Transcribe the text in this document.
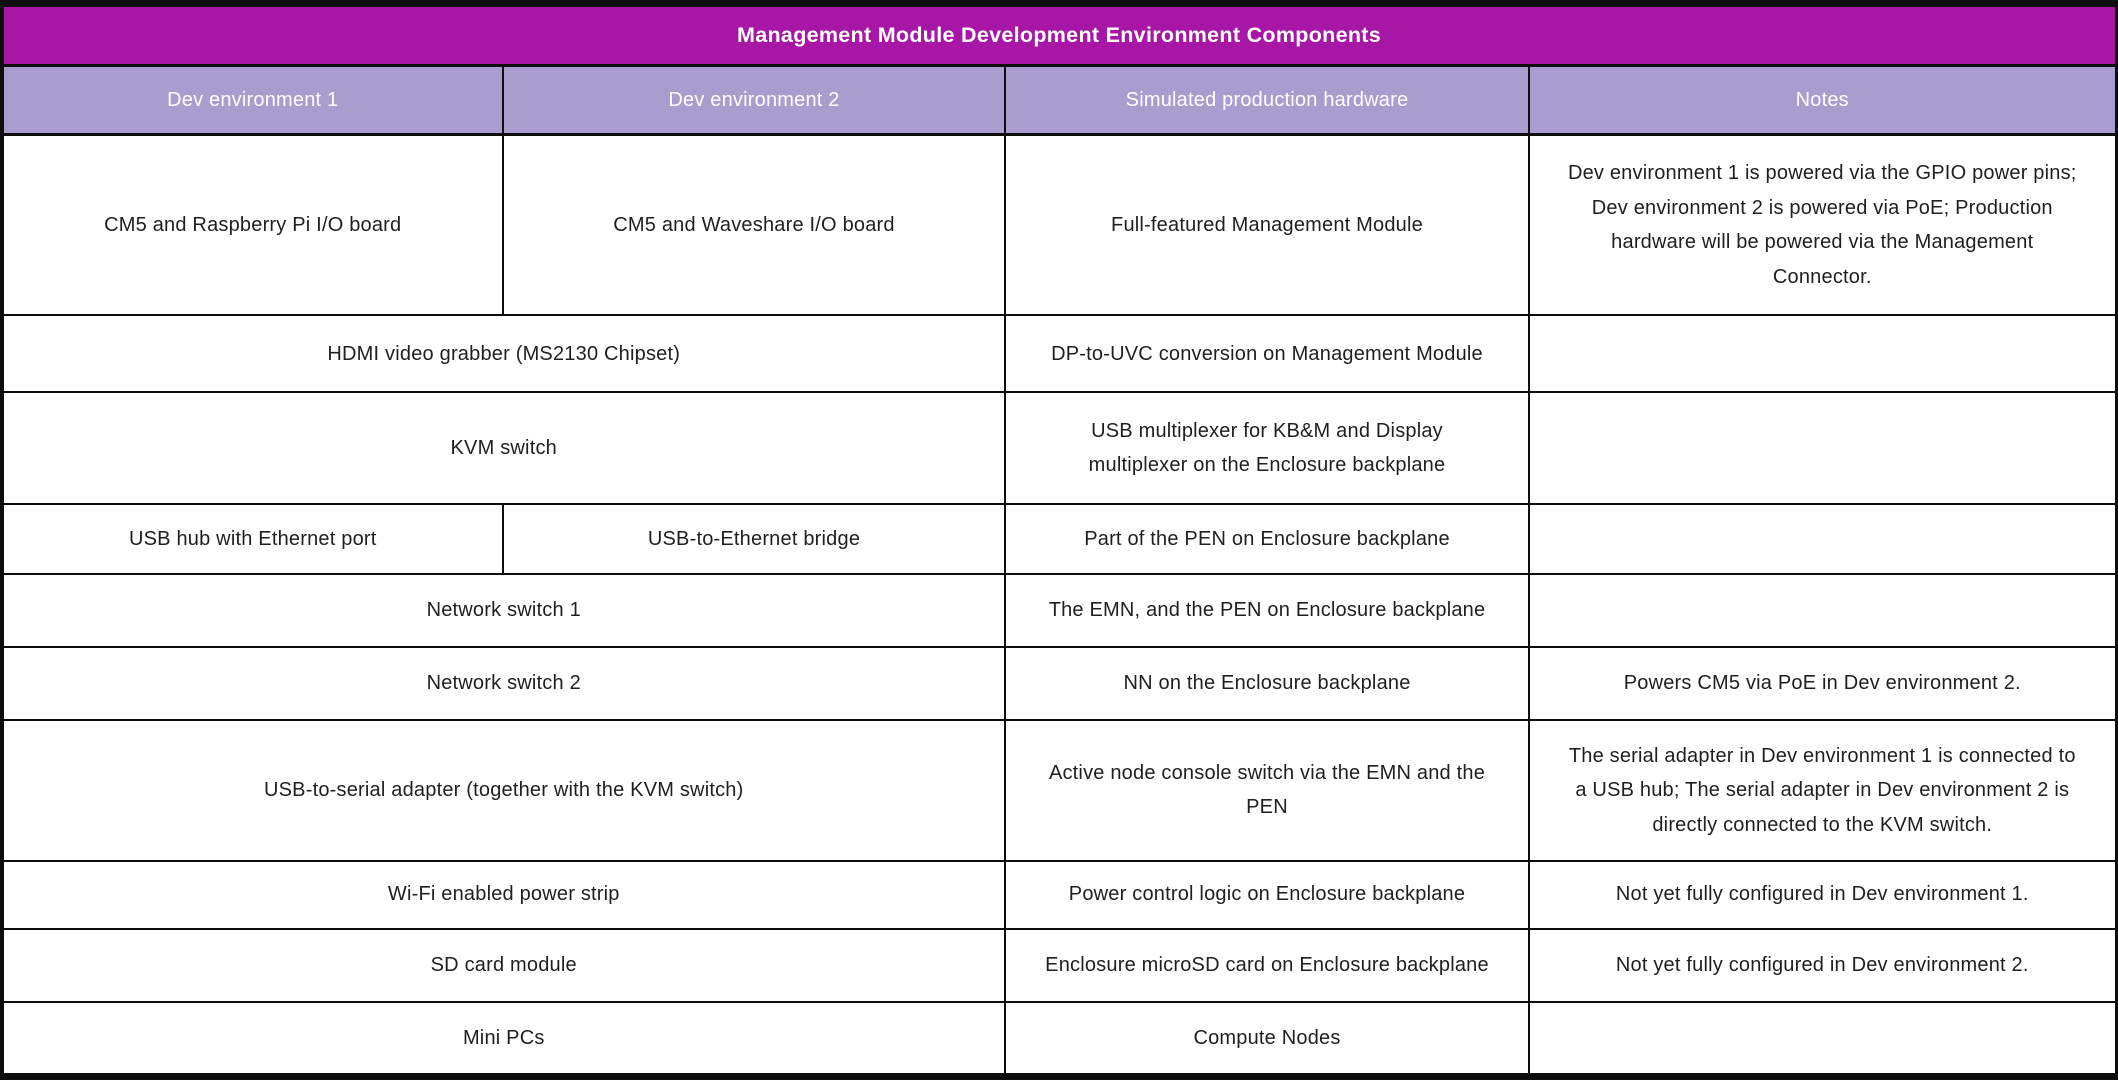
Management Module Development Environment Components			
Dev environment 1	Dev environment 2	Simulated production hardware	Notes
CM5 and Raspberry Pi I/O board	CM5 and Waveshare I/O board	Full-featured Management Module	Dev environment 1 is powered via the GPIO power pins; Dev environment 2 is powered via PoE; Production hardware will be powered via the Management Connector.
HDMI video grabber (MS2130 Chipset)		DP-to-UVC conversion on Management Module	
KVM switch		USB multiplexer for KB&M and Display multiplexer on the Enclosure backplane	
USB hub with Ethernet port	USB-to-Ethernet bridge	Part of the PEN on Enclosure backplane	
Network switch 1		The EMN, and the PEN on Enclosure backplane	
Network switch 2		NN on the Enclosure backplane	Powers CM5 via PoE in Dev environment 2.
USB-to-serial adapter (together with the KVM switch)		Active node console switch via the EMN and the PEN	The serial adapter in Dev environment 1 is connected to a USB hub; The serial adapter in Dev environment 2 is directly connected to the KVM switch.
Wi-Fi enabled power strip		Power control logic on Enclosure backplane	Not yet fully configured in Dev environment 1.
SD card module		Enclosure microSD card on Enclosure backplane	Not yet fully configured in Dev environment 2.
Mini PCs		Compute Nodes	
